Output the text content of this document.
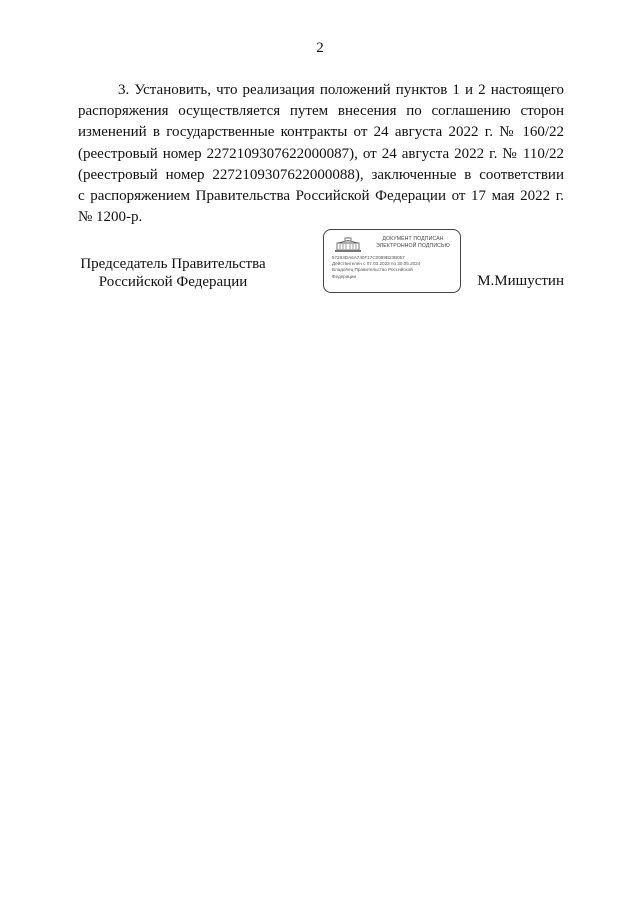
2
3. Установить, что реализация положений пунктов 1 и 2 настоящего
распоряжения осуществляется путем внесения по соглашению сторон
изменений в государственные контракты от 24 августа 2022 г. № 160/22
(реестровый номер 2272109307622000087), от 24 августа 2022 г. № 110/22
(реестровый номер 2272109307622000088), заключенные в соответствии
с распоряжением Правительства Российской Федерации от 17 мая 2022 г.
№ 1200-р.
Председатель Правительства
Российской Федерации
ДОКУМЕНТ ПОДПИСАН
ЭЛЕКТРОННОЙ ПОДПИСЬЮ
57263DA6A740F17C0089B23B057
Действителен с 07.03.2023 по 30.05.2024
Владелец Правительство Российской
Федерации	М.Мишустин
